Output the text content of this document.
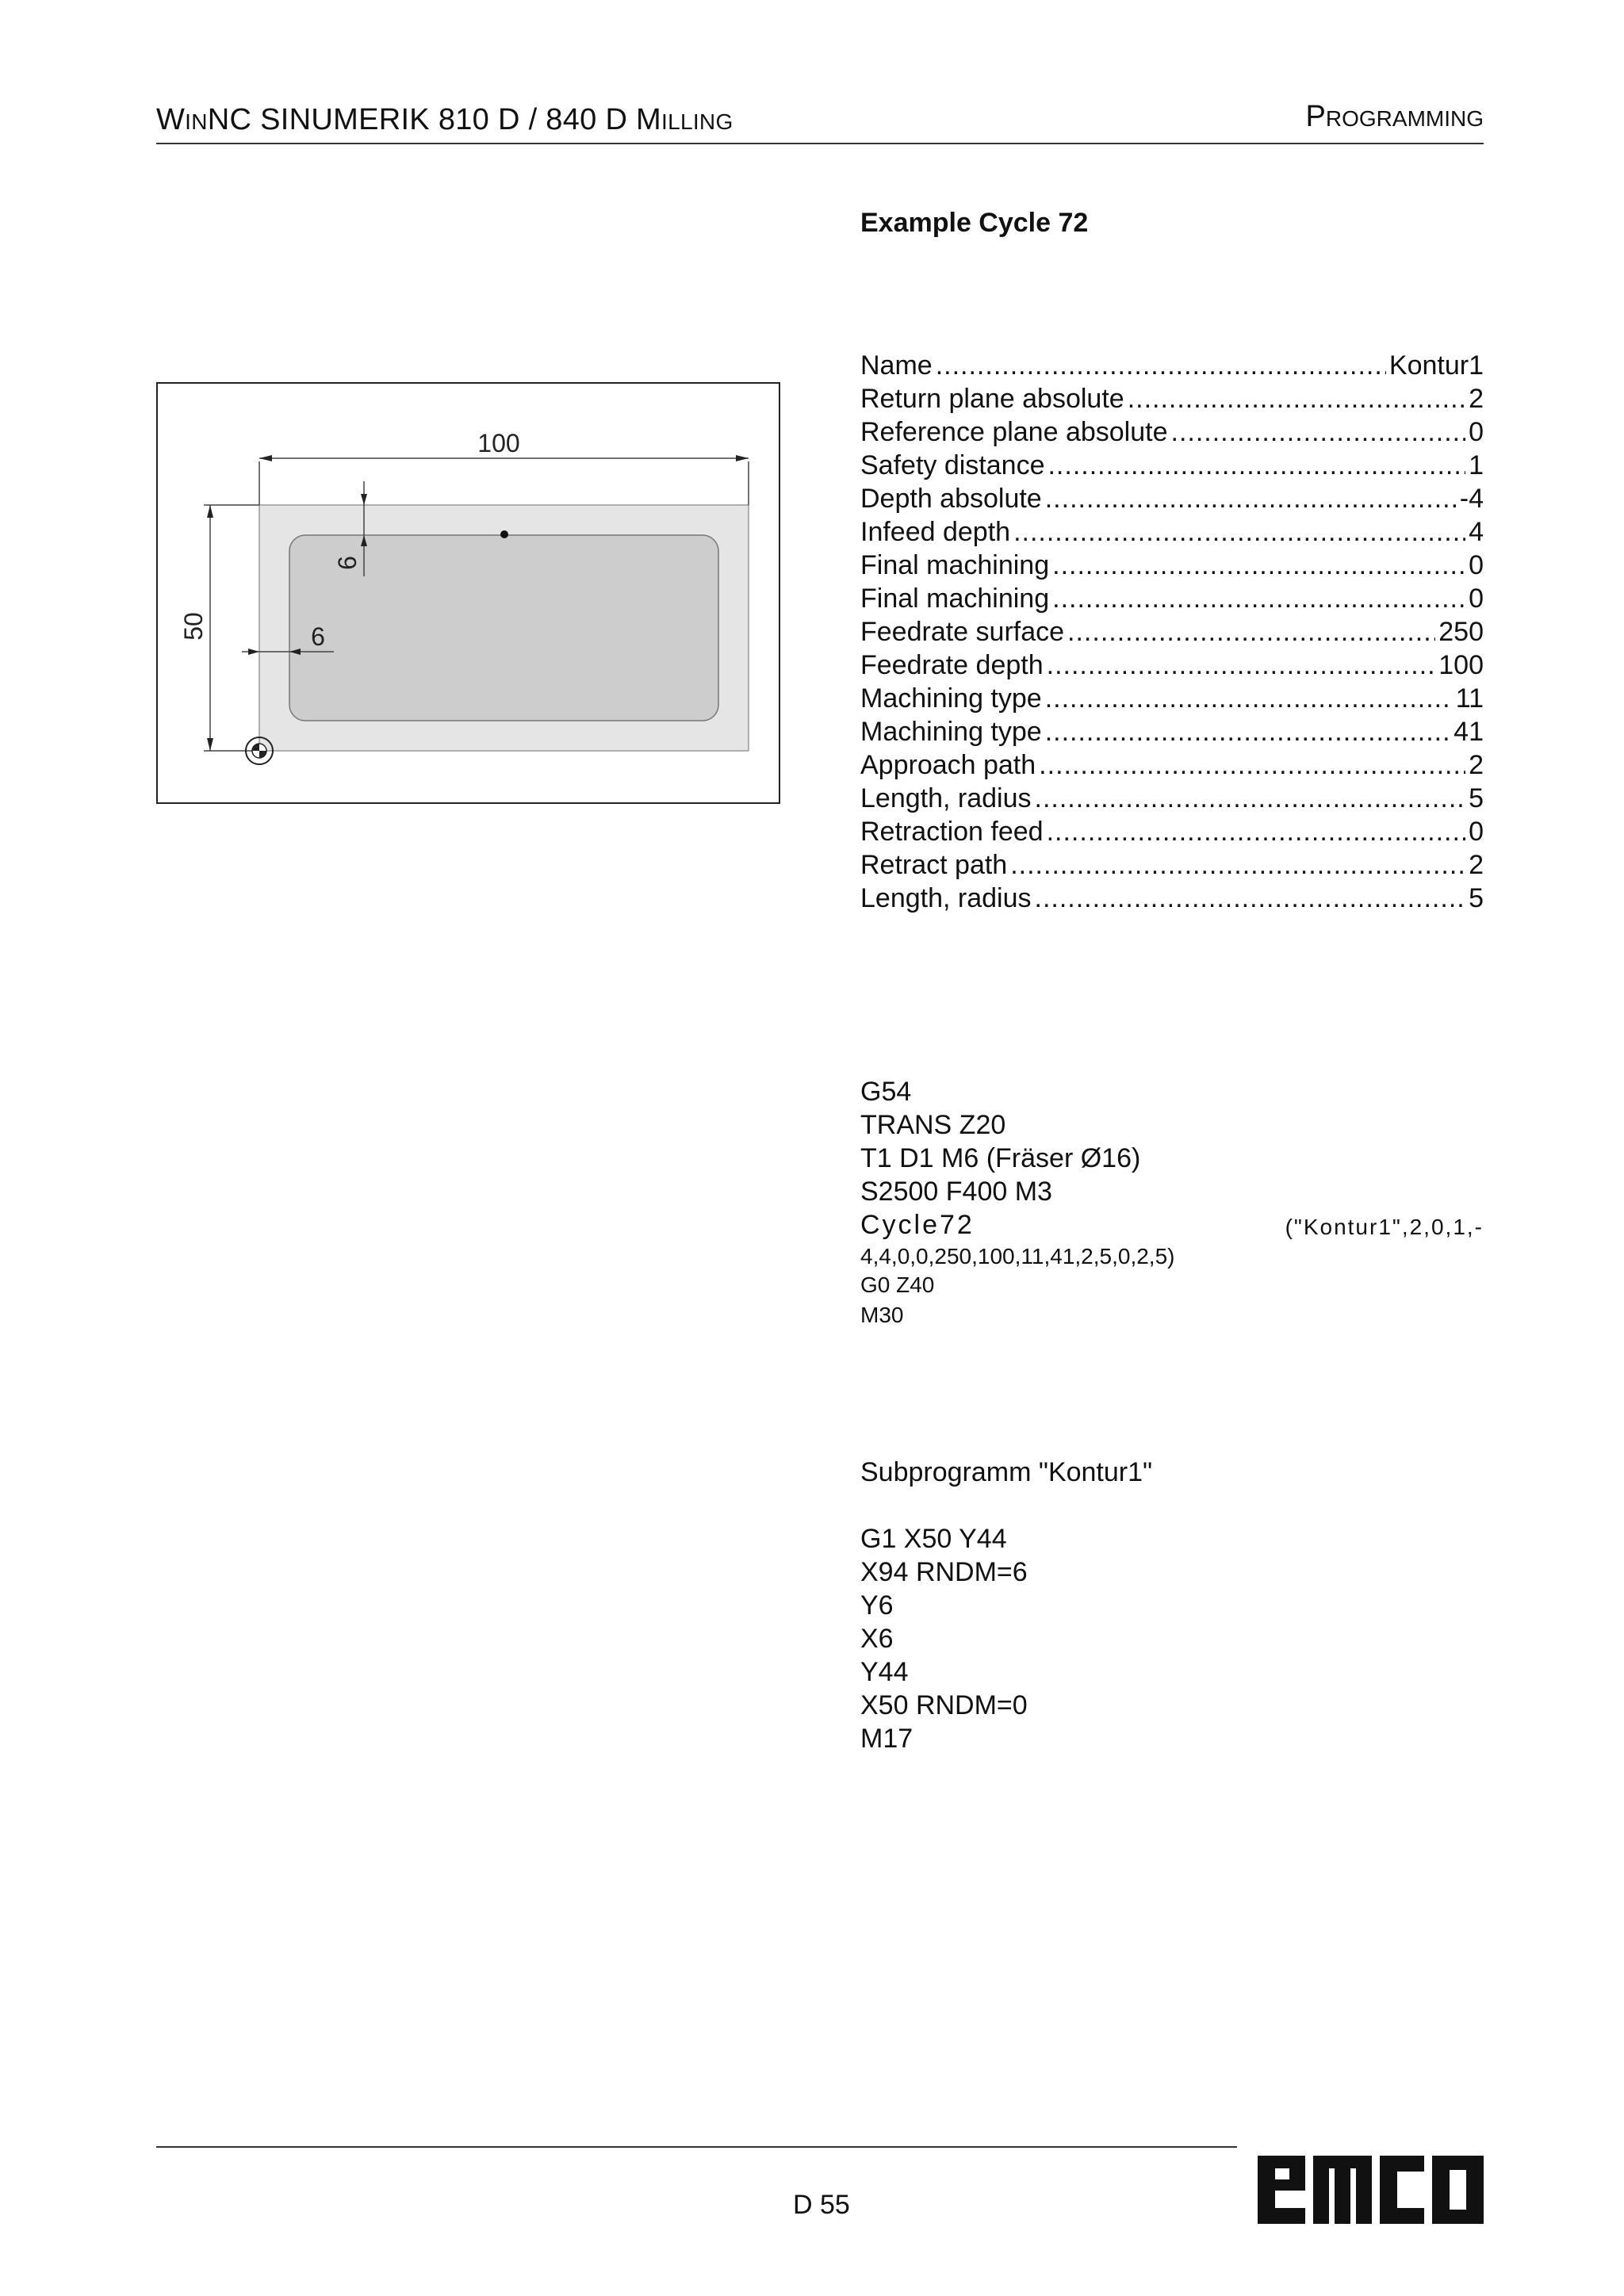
WINNC SINUMERIK 810 D / 840 D MILLING	PROGRAMMING
Example Cycle 72
100
50
6
6
Name .....	Kontur1
Return plane absolute .....	2
Reference plane absolute .....	0
Safety distance .....	1
Depth absolute .....	-4
Infeed depth .....	4
Final machining .....	0
Final machining .....	0
Feedrate surface .....	250
Feedrate depth .....	100
Machining type .....	11
Machining type .....	41
Approach path .....	2
Length, radius .....	5
Retraction feed .....	0
Retract path .....	2
Length, radius .....	5
G54
TRANS Z20
T1 D1 M6 (Fräser Ø16)
S2500 F400 M3
Cycle72	("Kontur1",2,0,1,-
4,4,0,0,250,100,11,41,2,5,0,2,5)
G0 Z40
M30
Subprogramm "Kontur1"
G1 X50 Y44
X94 RNDM=6
Y6
X6
Y44
X50 RNDM=0
M17
D 55
